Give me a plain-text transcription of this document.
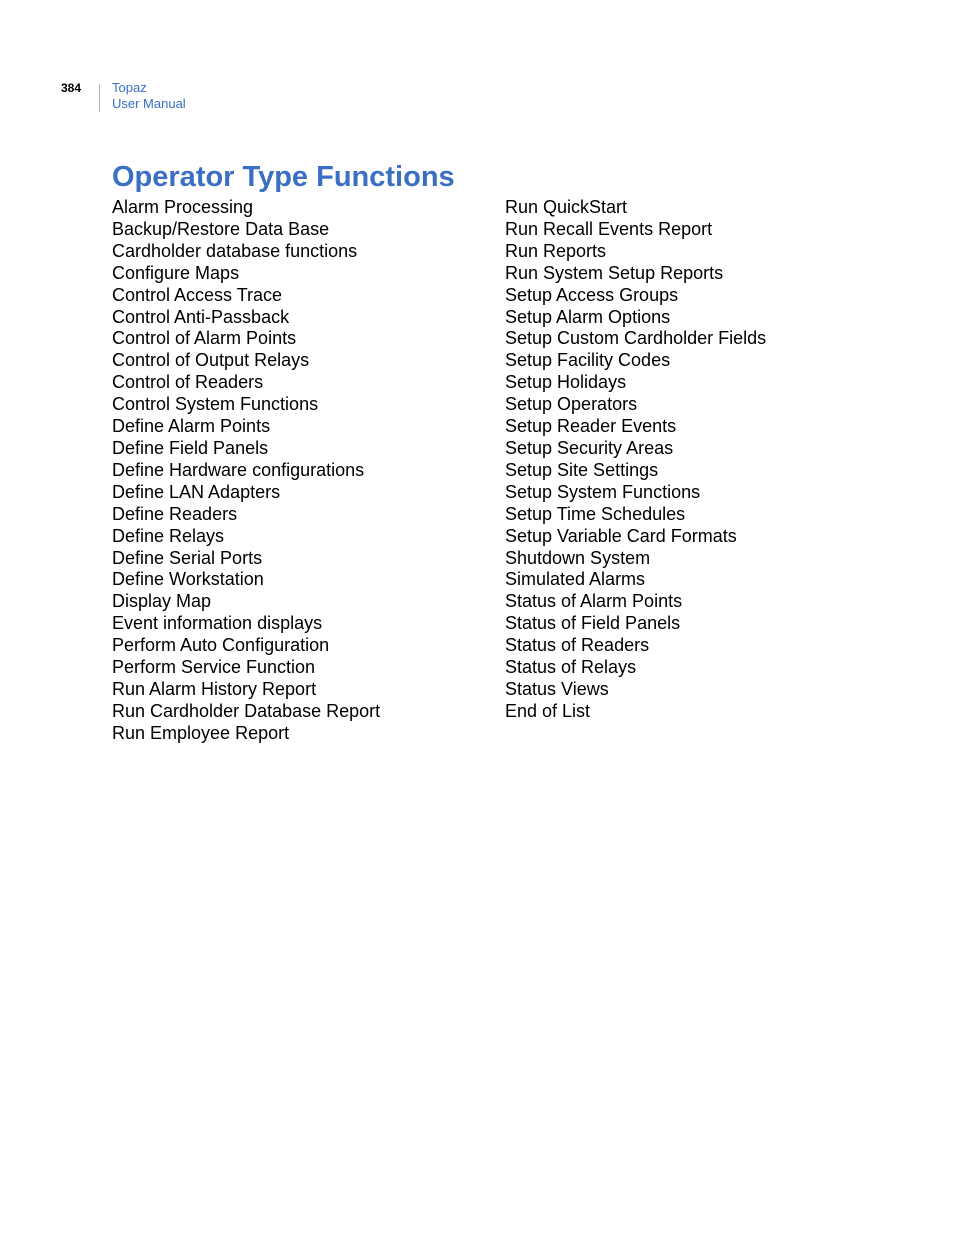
384 Topaz
User Manual
Operator Type Functions
Alarm Processing
Backup/Restore Data Base
Cardholder database functions
Configure Maps
Control Access Trace
Control Anti-Passback
Control of Alarm Points
Control of Output Relays
Control of Readers
Control System Functions
Define Alarm Points
Define Field Panels
Define Hardware configurations
Define LAN Adapters
Define Readers
Define Relays
Define Serial Ports
Define Workstation
Display Map
Event information displays
Perform Auto Configuration
Perform Service Function
Run Alarm History Report
Run Cardholder Database Report
Run Employee Report
Run QuickStart
Run Recall Events Report
Run Reports
Run System Setup Reports
Setup Access Groups
Setup Alarm Options
Setup Custom Cardholder Fields
Setup Facility Codes
Setup Holidays
Setup Operators
Setup Reader Events
Setup Security Areas
Setup Site Settings
Setup System Functions
Setup Time Schedules
Setup Variable Card Formats
Shutdown System
Simulated Alarms
Status of Alarm Points
Status of Field Panels
Status of Readers
Status of Relays
Status Views
End of List
